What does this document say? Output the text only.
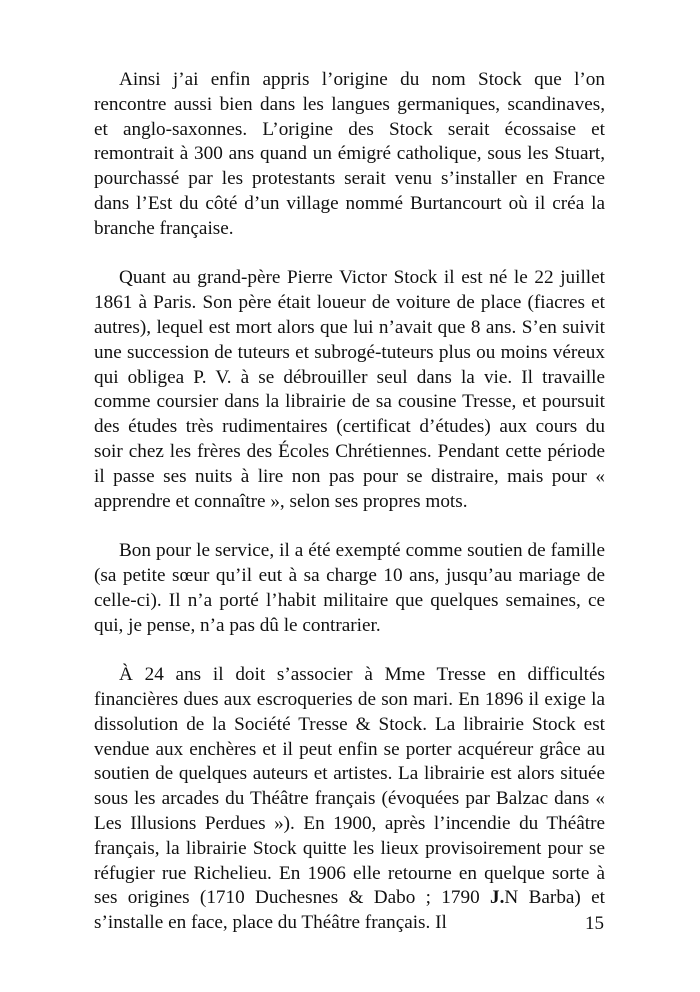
Ainsi j’ai enfin appris l’origine du nom Stock que l’on rencontre aussi bien dans les langues germaniques, scandinaves, et anglo-saxonnes. L’origine des Stock serait écossaise et remontrait à 300 ans quand un émigré catholique, sous les Stuart, pourchassé par les protestants serait venu s’installer en France dans l’Est du côté d’un village nommé Burtancourt où il créa la branche française.

Quant au grand-père Pierre Victor Stock il est né le 22 juillet 1861 à Paris. Son père était loueur de voiture de place (fiacres et autres), lequel est mort alors que lui n’avait que 8 ans. S’en suivit une succession de tuteurs et subrogé-tuteurs plus ou moins véreux qui obligea P. V. à se débrouiller seul dans la vie. Il travaille comme coursier dans la librairie de sa cousine Tresse, et poursuit des études très rudimentaires (certificat d’études) aux cours du soir chez les frères des Écoles Chrétiennes. Pendant cette période il passe ses nuits à lire non pas pour se distraire, mais pour « apprendre et connaître », selon ses propres mots.

Bon pour le service, il a été exempté comme soutien de famille (sa petite sœur qu’il eut à sa charge 10 ans, jusqu’au mariage de celle-ci). Il n’a porté l’habit militaire que quelques semaines, ce qui, je pense, n’a pas dû le contrarier.

À 24 ans il doit s’associer à Mme Tresse en difficultés financières dues aux escroqueries de son mari. En 1896 il exige la dissolution de la Société Tresse & Stock. La librairie Stock est vendue aux enchères et il peut enfin se porter acquéreur grâce au soutien de quelques auteurs et artistes. La librairie est alors située sous les arcades du Théâtre français (évoquées par Balzac dans « Les Illusions Perdues »). En 1900, après l’incendie du Théâtre français, la librairie Stock quitte les lieux provisoirement pour se réfugier rue Richelieu. En 1906 elle retourne en quelque sorte à ses origines (1710 Duchesnes & Dabo ; 1790 J.N Barba) et s’installe en face, place du Théâtre français. Il	15
